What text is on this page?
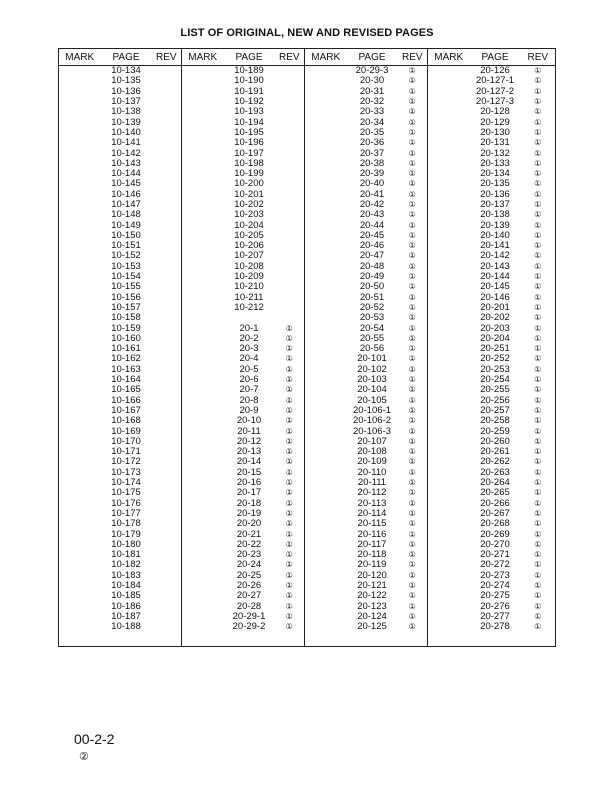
LIST OF ORIGINAL, NEW AND REVISED PAGES
MARK	PAGE	REV	MARK	PAGE	REV	MARK	PAGE	REV	MARK	PAGE	REV
	10-134			10-189			20-29-3	①		20-126	①
	10-135			10-190			20-30	①		20-127-1	①
	10-136			10-191			20-31	①		20-127-2	①
	10-137			10-192			20-32	①		20-127-3	①
	10-138			10-193			20-33	①		20-128	①
	10-139			10-194			20-34	①		20-129	①
	10-140			10-195			20-35	①		20-130	①
	10-141			10-196			20-36	①		20-131	①
	10-142			10-197			20-37	①		20-132	①
	10-143			10-198			20-38	①		20-133	①
	10-144			10-199			20-39	①		20-134	①
	10-145			10-200			20-40	①		20-135	①
	10-146			10-201			20-41	①		20-136	①
	10-147			10-202			20-42	①		20-137	①
	10-148			10-203			20-43	①		20-138	①
	10-149			10-204			20-44	①		20-139	①
	10-150			10-205			20-45	①		20-140	①
	10-151			10-206			20-46	①		20-141	①
	10-152			10-207			20-47	①		20-142	①
	10-153			10-208			20-48	①		20-143	①
	10-154			10-209			20-49	①		20-144	①
	10-155			10-210			20-50	①		20-145	①
	10-156			10-211			20-51	①		20-146	①
	10-157			10-212			20-52	①		20-201	①
	10-158						20-53	①		20-202	①
	10-159			20-1	①		20-54	①		20-203	①
	10-160			20-2	①		20-55	①		20-204	①
	10-161			20-3	①		20-56	①		20-251	①
	10-162			20-4	①		20-101	①		20-252	①
	10-163			20-5	①		20-102	①		20-253	①
	10-164			20-6	①		20-103	①		20-254	①
	10-165			20-7	①		20-104	①		20-255	①
	10-166			20-8	①		20-105	①		20-256	①
	10-167			20-9	①		20-106-1	①		20-257	①
	10-168			20-10	①		20-106-2	①		20-258	①
	10-169			20-11	①		20-106-3	①		20-259	①
	10-170			20-12	①		20-107	①		20-260	①
	10-171			20-13	①		20-108	①		20-261	①
	10-172			20-14	①		20-109	①		20-262	①
	10-173			20-15	①		20-110	①		20-263	①
	10-174			20-16	①		20-111	①		20-264	①
	10-175			20-17	①		20-112	①		20-265	①
	10-176			20-18	①		20-113	①		20-266	①
	10-177			20-19	①		20-114	①		20-267	①
	10-178			20-20	①		20-115	①		20-268	①
	10-179			20-21	①		20-116	①		20-269	①
	10-180			20-22	①		20-117	①		20-270	①
	10-181			20-23	①		20-118	①		20-271	①
	10-182			20-24	①		20-119	①		20-272	①
	10-183			20-25	①		20-120	①		20-273	①
	10-184			20-26	①		20-121	①		20-274	①
	10-185			20-27	①		20-122	①		20-275	①
	10-186			20-28	①		20-123	①		20-276	①
	10-187			20-29-1	①		20-124	①		20-277	①
	10-188			20-29-2	①		20-125	①		20-278	①
00-2-2
②
